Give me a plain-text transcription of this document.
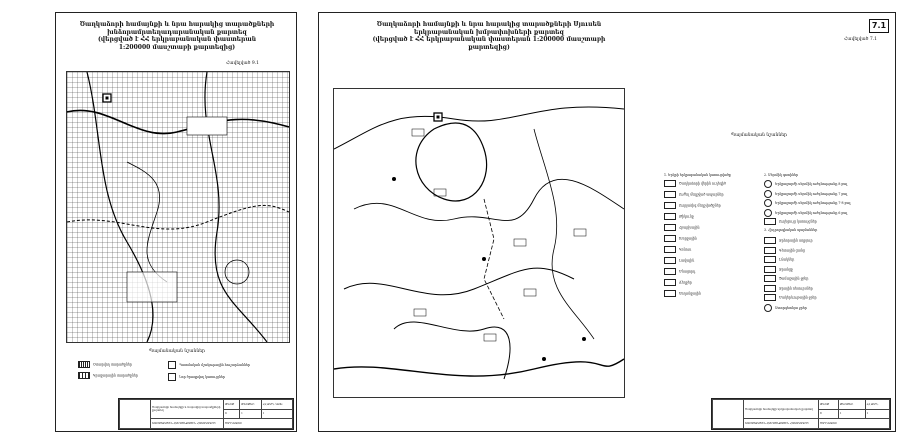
Ծաղկաձորի համայնքի և նրա հարակից տարածքների
խնձորամրտեղադարանական քարտեզ
(վերցված է ՀՀ երկրաբանական փաստերան
1:200000 մասշտաբի քարտեզից)
Հավելված 9.1
Պայմանական նշաններ
Օտարվող տարածքներ
Կրաքարային տարածքներ
Պատմական մշակութային հուշարձաններ
Նոր ծրագրվող կառույցներ
	Ծաղկաձորի համայնքի և հարակից տարածքների քարտեզ	ԹԵՐԹ	ԹԵՐԹԵՐ	ՀՀ ՔԱՂ. ՆԱԽ.
		9	1	1
	ՏԱՐԱԾՔԱՅԻՆ ՀԱՄԱՅՆՔԱՅԻՆ ՀԱՏԱԿԱԳԻԾ	ԾԱՂԿԱՁՈՐ		
7.1
Ծաղկաձորի համայնքի և նրա հարակից տարածքների Սյուսեն
երկրաբանական խմբափոխների քարտեզ
(վերցված է ՀՀ երկրաբանական փաստերան 1:200000 մասշտաբի
քարտեզից)
Հավելված 7.1
Պայմանական նշաններ
1. Երկրի երկրաբանական կառուցվածք
Ծաղկաձորի վերին ուղեգիծ
Ուժեղ ճեղքված ապարներ
Ուղղաձիգ ճեղքվածքներ
Թիկունք
Հրաբխային
Խորքային
Կոնուս
Լավային
Մնացորդ
Ճեղքեր
Սողանքային
2. Սեյսմիկ գոտիներ
Երկրաշարժի սեյսմիկ ուժգնությունը 8 բալ
Երկրաշարժի սեյսմիկ ուժգնությունը 7 բալ
Երկրաշարժի սեյսմիկ ուժգնությունը 7-8 բալ
Երկրաշարժի սեյսմիկ ուժգնությունը 6 բալ
Ուղեցույց կառույցներ
3. Հիդրոլոգիական պայմաններ
Ջրհորային աղբյուր
Գետային ցանց
Լճակներ
Ջրանցք
Ցամաքային ջրեր
Ջրային ռեսուրսներ
Մակերևութային ջրեր
Ստորգետնյա ջրեր
	Ծաղկաձորի համայնքի երկրաբանական քարտեզ	ԹԵՐԹ	ԹԵՐԹԵՐ	ՀՀ ՔԱՂ.
		8	1	1
	ՏԱՐԱԾՔԱՅԻՆ ՀԱՄԱՅՆՔԱՅԻՆ ՀԱՏԱԿԱԳԻԾ	ԾԱՂԿԱՁՈՐ		
